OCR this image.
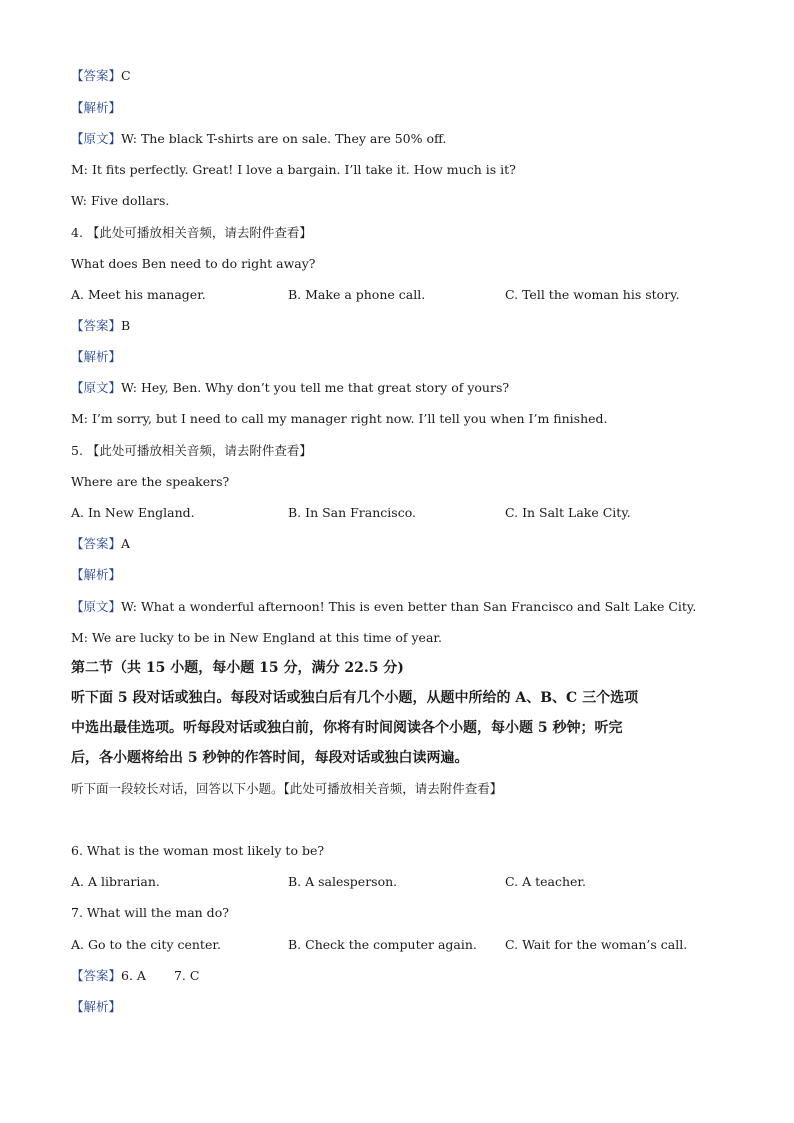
【答案】C
【解析】
【原文】W: The black T-shirts are on sale. They are 50% off.
M: It fits perfectly. Great! I love a bargain. I’ll take it. How much is it?
W: Five dollars.
4. 【此处可播放相关音频，请去附件查看】
What does Ben need to do right away?
A. Meet his manager.	B. Make a phone call.	C. Tell the woman his story.
【答案】B
【解析】
【原文】W: Hey, Ben. Why don’t you tell me that great story of yours?
M: I’m sorry, but I need to call my manager right now. I’ll tell you when I’m finished.
5. 【此处可播放相关音频，请去附件查看】
Where are the speakers?
A. In New England.	B. In San Francisco.	C. In Salt Lake City.
【答案】A
【解析】
【原文】W: What a wonderful afternoon! This is even better than San Francisco and Salt Lake City.
M: We are lucky to be in New England at this time of year.
第二节（共 15 小题，每小题 15 分，满分 22.5 分)
听下面 5 段对话或独白。每段对话或独白后有几个小题，从题中所给的 A、B、C 三个选项
中选出最佳选项。听每段对话或独白前，你将有时间阅读各个小题，每小题 5 秒钟；听完
后，各小题将给出 5 秒钟的作答时间，每段对话或独白读两遍。
听下面一段较长对话，回答以下小题。【此处可播放相关音频，请去附件查看】
6. What is the woman most likely to be?
A. A librarian.	B. A salesperson.	C. A teacher.
7. What will the man do?
A. Go to the city center.	B. Check the computer again. C. Wait for the woman’s call.
【答案】6. A 7. C
【解析】
